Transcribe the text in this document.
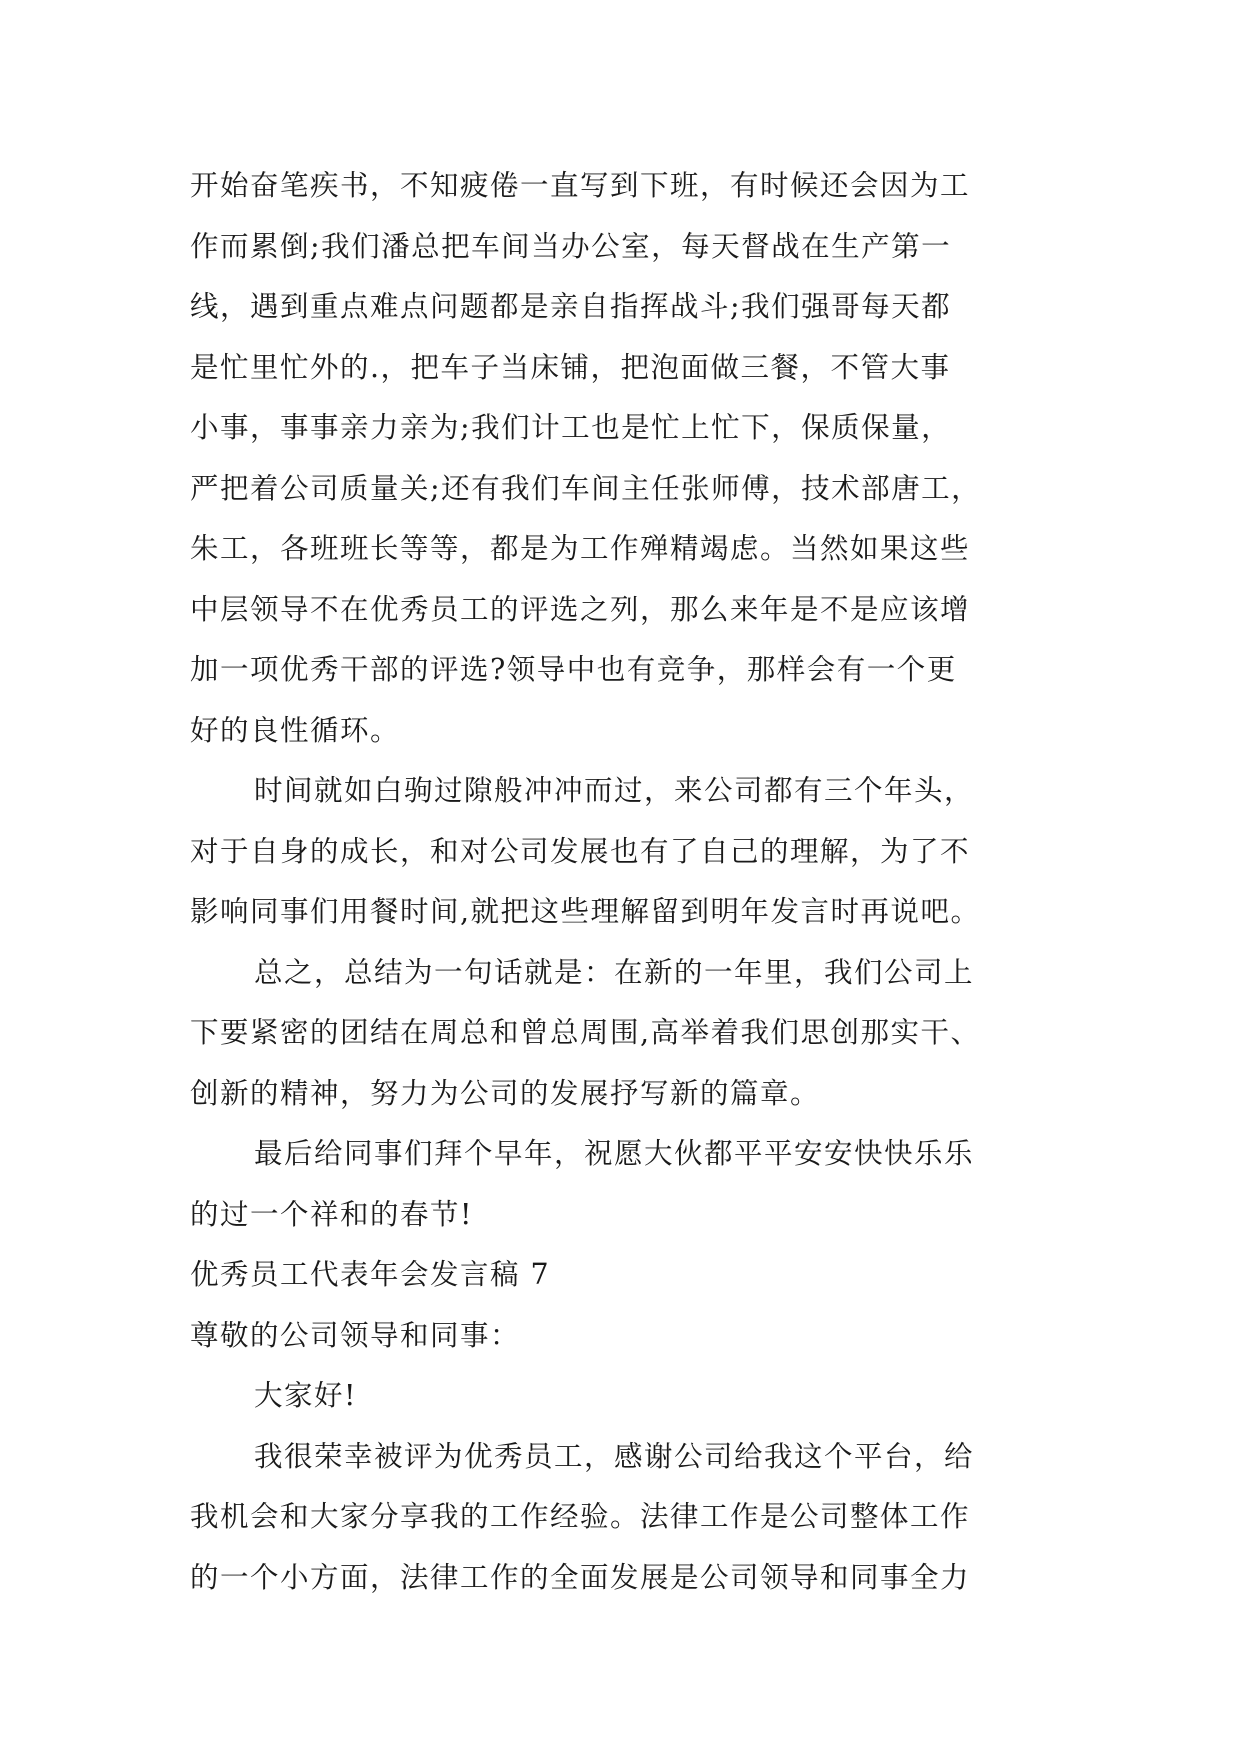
开始奋笔疾书，不知疲倦一直写到下班，有时候还会因为工
作而累倒;我们潘总把车间当办公室，每天督战在生产第一
线，遇到重点难点问题都是亲自指挥战斗;我们强哥每天都
是忙里忙外的.，把车子当床铺，把泡面做三餐，不管大事
小事，事事亲力亲为;我们计工也是忙上忙下，保质保量，
严把着公司质量关;还有我们车间主任张师傅，技术部唐工，
朱工，各班班长等等，都是为工作殚精竭虑。当然如果这些
中层领导不在优秀员工的评选之列，那么来年是不是应该增
加一项优秀干部的评选?领导中也有竞争，那样会有一个更
好的良性循环。
时间就如白驹过隙般冲冲而过，来公司都有三个年头，
对于自身的成长，和对公司发展也有了自己的理解，为了不
影响同事们用餐时间,就把这些理解留到明年发言时再说吧。
总之，总结为一句话就是：在新的一年里，我们公司上
下要紧密的团结在周总和曾总周围,高举着我们思创那实干、
创新的精神，努力为公司的发展抒写新的篇章。
最后给同事们拜个早年，祝愿大伙都平平安安快快乐乐
的过一个祥和的春节!
优秀员工代表年会发言稿 7
尊敬的公司领导和同事：
大家好!
我很荣幸被评为优秀员工，感谢公司给我这个平台，给
我机会和大家分享我的工作经验。法律工作是公司整体工作
的一个小方面，法律工作的全面发展是公司领导和同事全力
